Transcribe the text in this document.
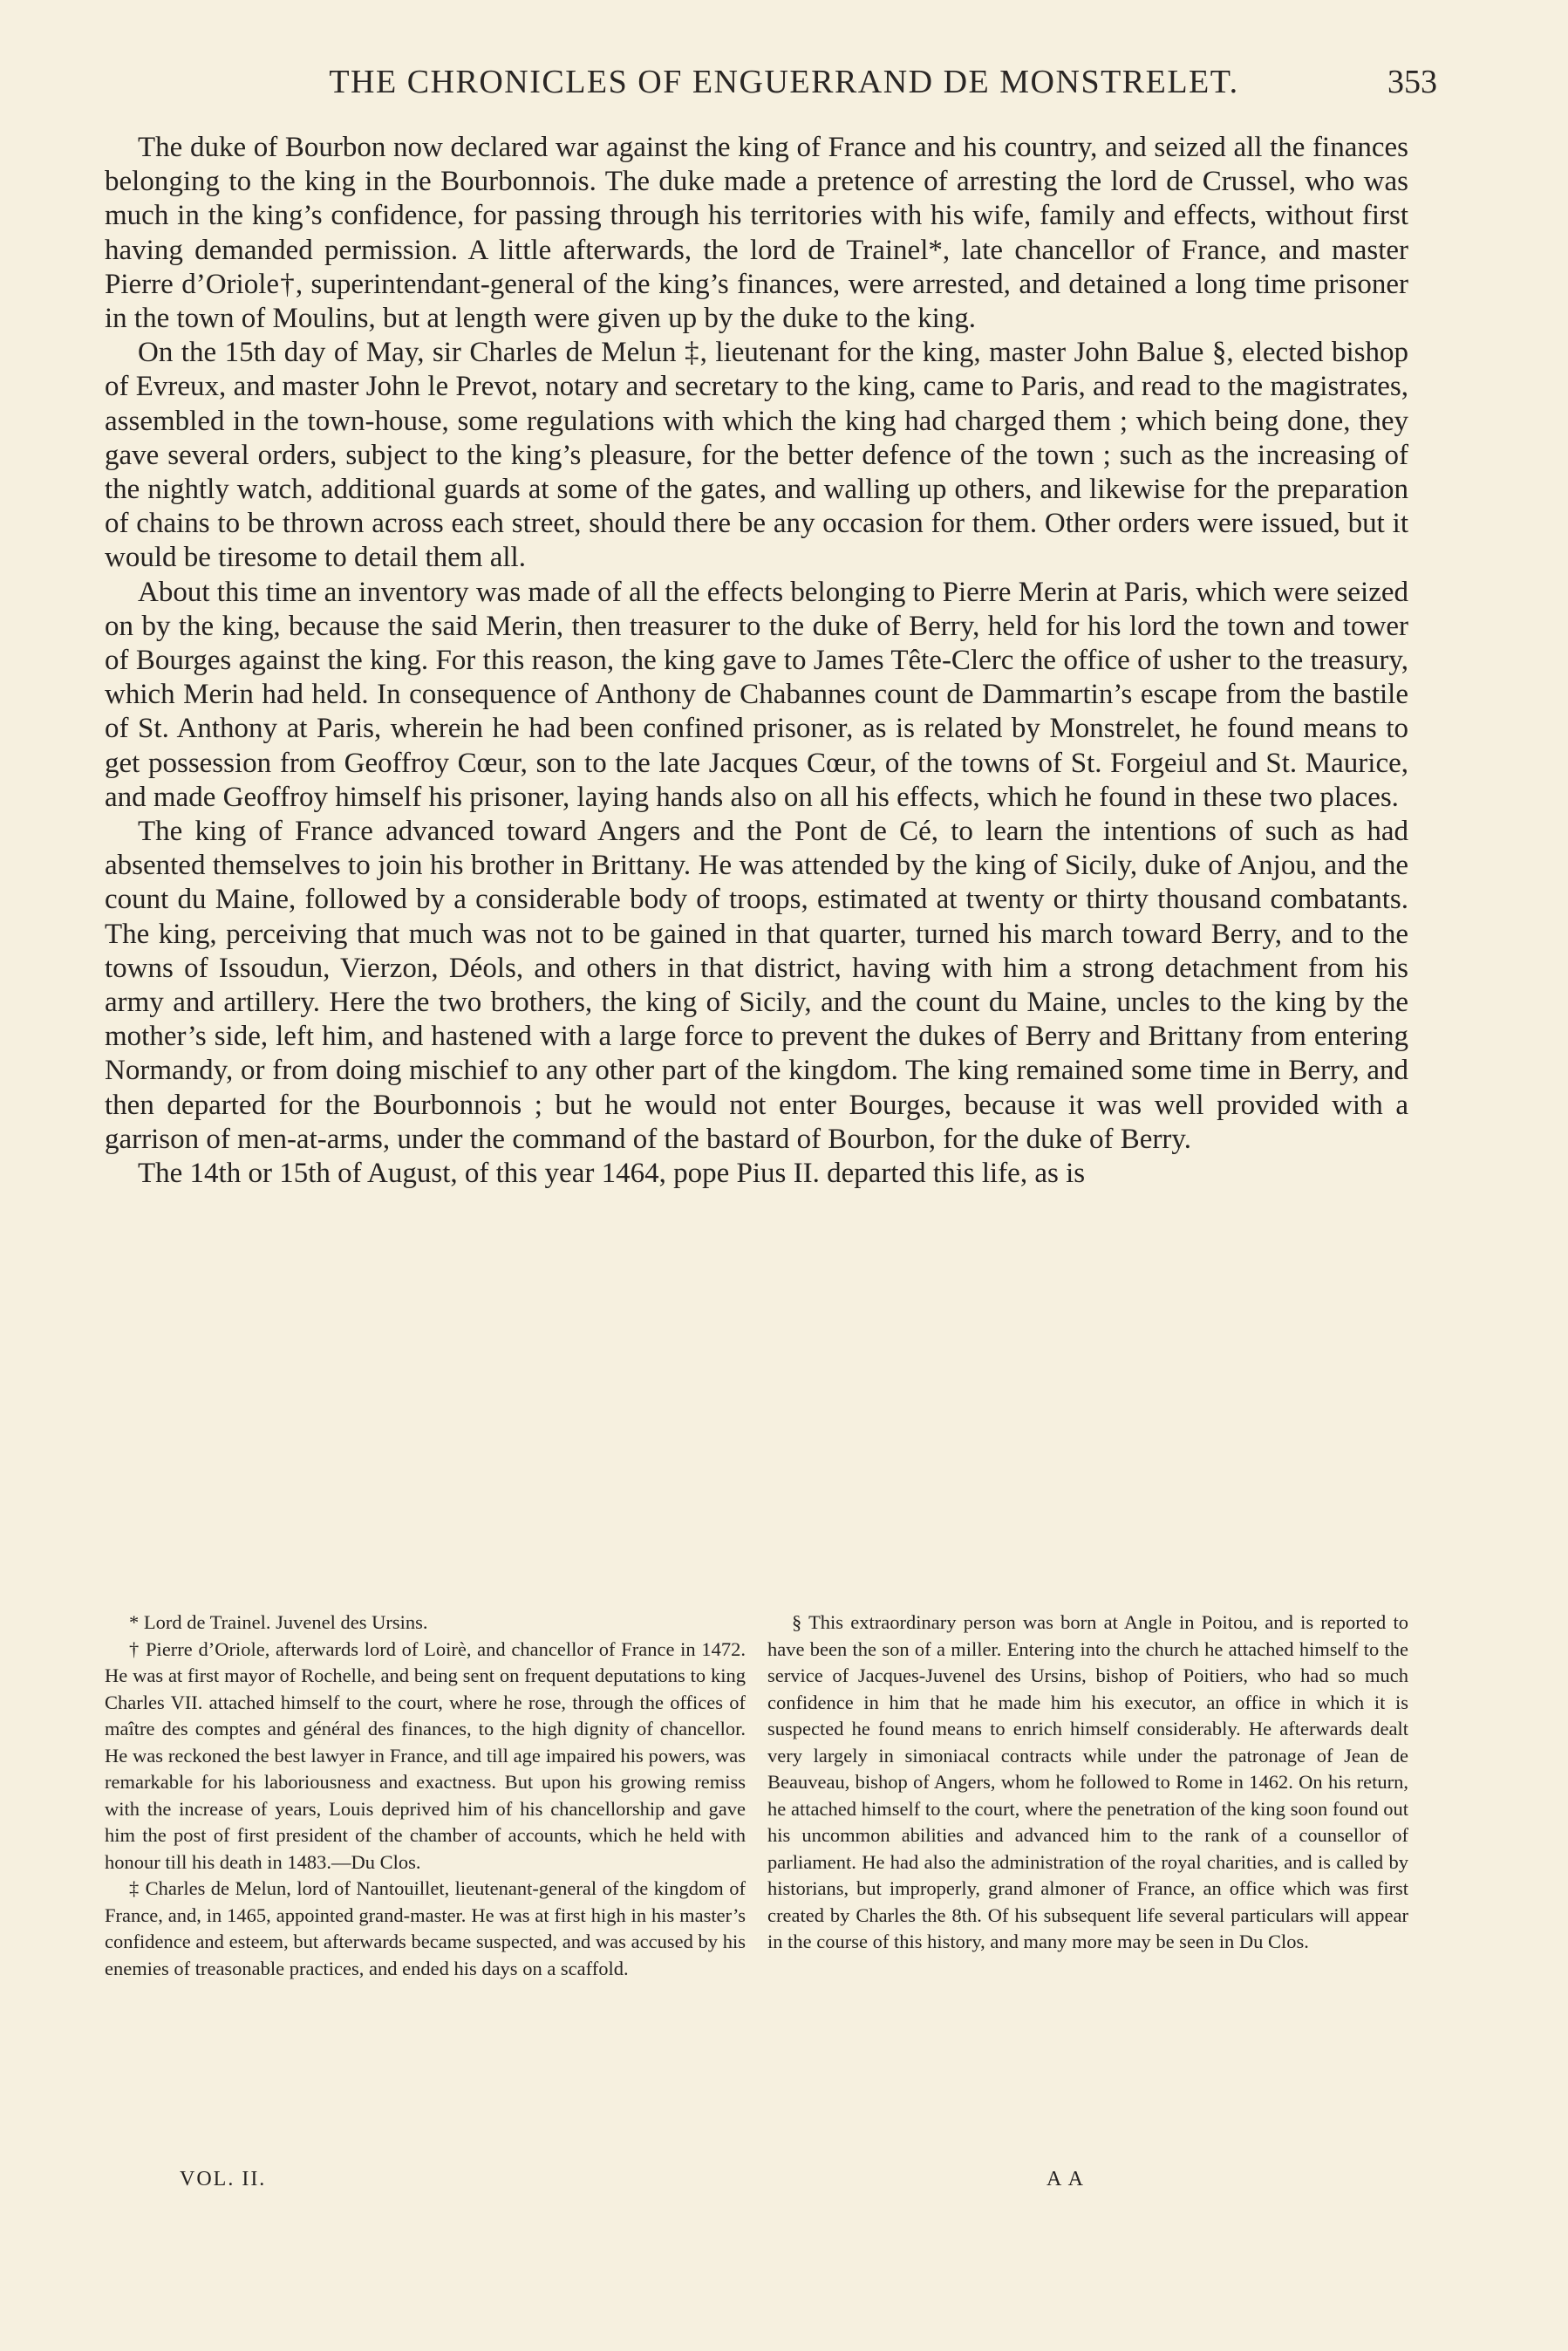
THE CHRONICLES OF ENGUERRAND DE MONSTRELET.	353

The duke of Bourbon now declared war against the king of France and his country, and seized all the finances belonging to the king in the Bourbonnois. The duke made a pretence of arresting the lord de Crussel, who was much in the king’s confidence, for passing through his territories with his wife, family and effects, without first having demanded permission. A little afterwards, the lord de Trainel*, late chancellor of France, and master Pierre d’Oriole†, superintendant-general of the king’s finances, were arrested, and detained a long time prisoner in the town of Moulins, but at length were given up by the duke to the king.

On the 15th day of May, sir Charles de Melun ‡, lieutenant for the king, master John Balue §, elected bishop of Evreux, and master John le Prevot, notary and secretary to the king, came to Paris, and read to the magistrates, assembled in the town-house, some regulations with which the king had charged them ; which being done, they gave several orders, subject to the king’s pleasure, for the better defence of the town ; such as the increasing of the nightly watch, additional guards at some of the gates, and walling up others, and likewise for the preparation of chains to be thrown across each street, should there be any occasion for them. Other orders were issued, but it would be tiresome to detail them all.

About this time an inventory was made of all the effects belonging to Pierre Merin at Paris, which were seized on by the king, because the said Merin, then treasurer to the duke of Berry, held for his lord the town and tower of Bourges against the king. For this reason, the king gave to James Tête-Clerc the office of usher to the treasury, which Merin had held. In consequence of Anthony de Chabannes count de Dammartin’s escape from the bastile of St. Anthony at Paris, wherein he had been confined prisoner, as is related by Monstrelet, he found means to get possession from Geoffroy Cœur, son to the late Jacques Cœur, of the towns of St. Forgeiul and St. Maurice, and made Geoffroy himself his prisoner, laying hands also on all his effects, which he found in these two places.

The king of France advanced toward Angers and the Pont de Cé, to learn the intentions of such as had absented themselves to join his brother in Brittany. He was attended by the king of Sicily, duke of Anjou, and the count du Maine, followed by a considerable body of troops, estimated at twenty or thirty thousand combatants. The king, perceiving that much was not to be gained in that quarter, turned his march toward Berry, and to the towns of Issoudun, Vierzon, Déols, and others in that district, having with him a strong detachment from his army and artillery. Here the two brothers, the king of Sicily, and the count du Maine, uncles to the king by the mother’s side, left him, and hastened with a large force to prevent the dukes of Berry and Brittany from entering Normandy, or from doing mischief to any other part of the kingdom. The king remained some time in Berry, and then departed for the Bourbonnois ; but he would not enter Bourges, because it was well provided with a garrison of men-at-arms, under the command of the bastard of Bourbon, for the duke of Berry.

The 14th or 15th of August, of this year 1464, pope Pius II. departed this life, as is

* Lord de Trainel. Juvenel des Ursins.

† Pierre d’Oriole, afterwards lord of Loirè, and chancellor of France in 1472. He was at first mayor of Rochelle, and being sent on frequent deputations to king Charles VII. attached himself to the court, where he rose, through the offices of maître des comptes and général des finances, to the high dignity of chancellor. He was reckoned the best lawyer in France, and till age impaired his powers, was remarkable for his laboriousness and exactness. But upon his growing remiss with the increase of years, Louis deprived him of his chancellorship and gave him the post of first president of the chamber of accounts, which he held with honour till his death in 1483.—Du Clos.

‡ Charles de Melun, lord of Nantouillet, lieutenant-general of the kingdom of France, and, in 1465, appointed grand-master. He was at first high in his master’s confidence and esteem, but afterwards became suspected, and was accused by his enemies of treasonable practices, and ended his days on a scaffold.

§ This extraordinary person was born at Angle in Poitou, and is reported to have been the son of a miller. Entering into the church he attached himself to the service of Jacques-Juvenel des Ursins, bishop of Poitiers, who had so much confidence in him that he made him his executor, an office in which it is suspected he found means to enrich himself considerably. He afterwards dealt very largely in simoniacal contracts while under the patronage of Jean de Beauveau, bishop of Angers, whom he followed to Rome in 1462. On his return, he attached himself to the court, where the penetration of the king soon found out his uncommon abilities and advanced him to the rank of a counsellor of parliament. He had also the administration of the royal charities, and is called by historians, but improperly, grand almoner of France, an office which was first created by Charles the 8th. Of his subsequent life several particulars will appear in the course of this history, and many more may be seen in Du Clos.

VOL. II.	A A
